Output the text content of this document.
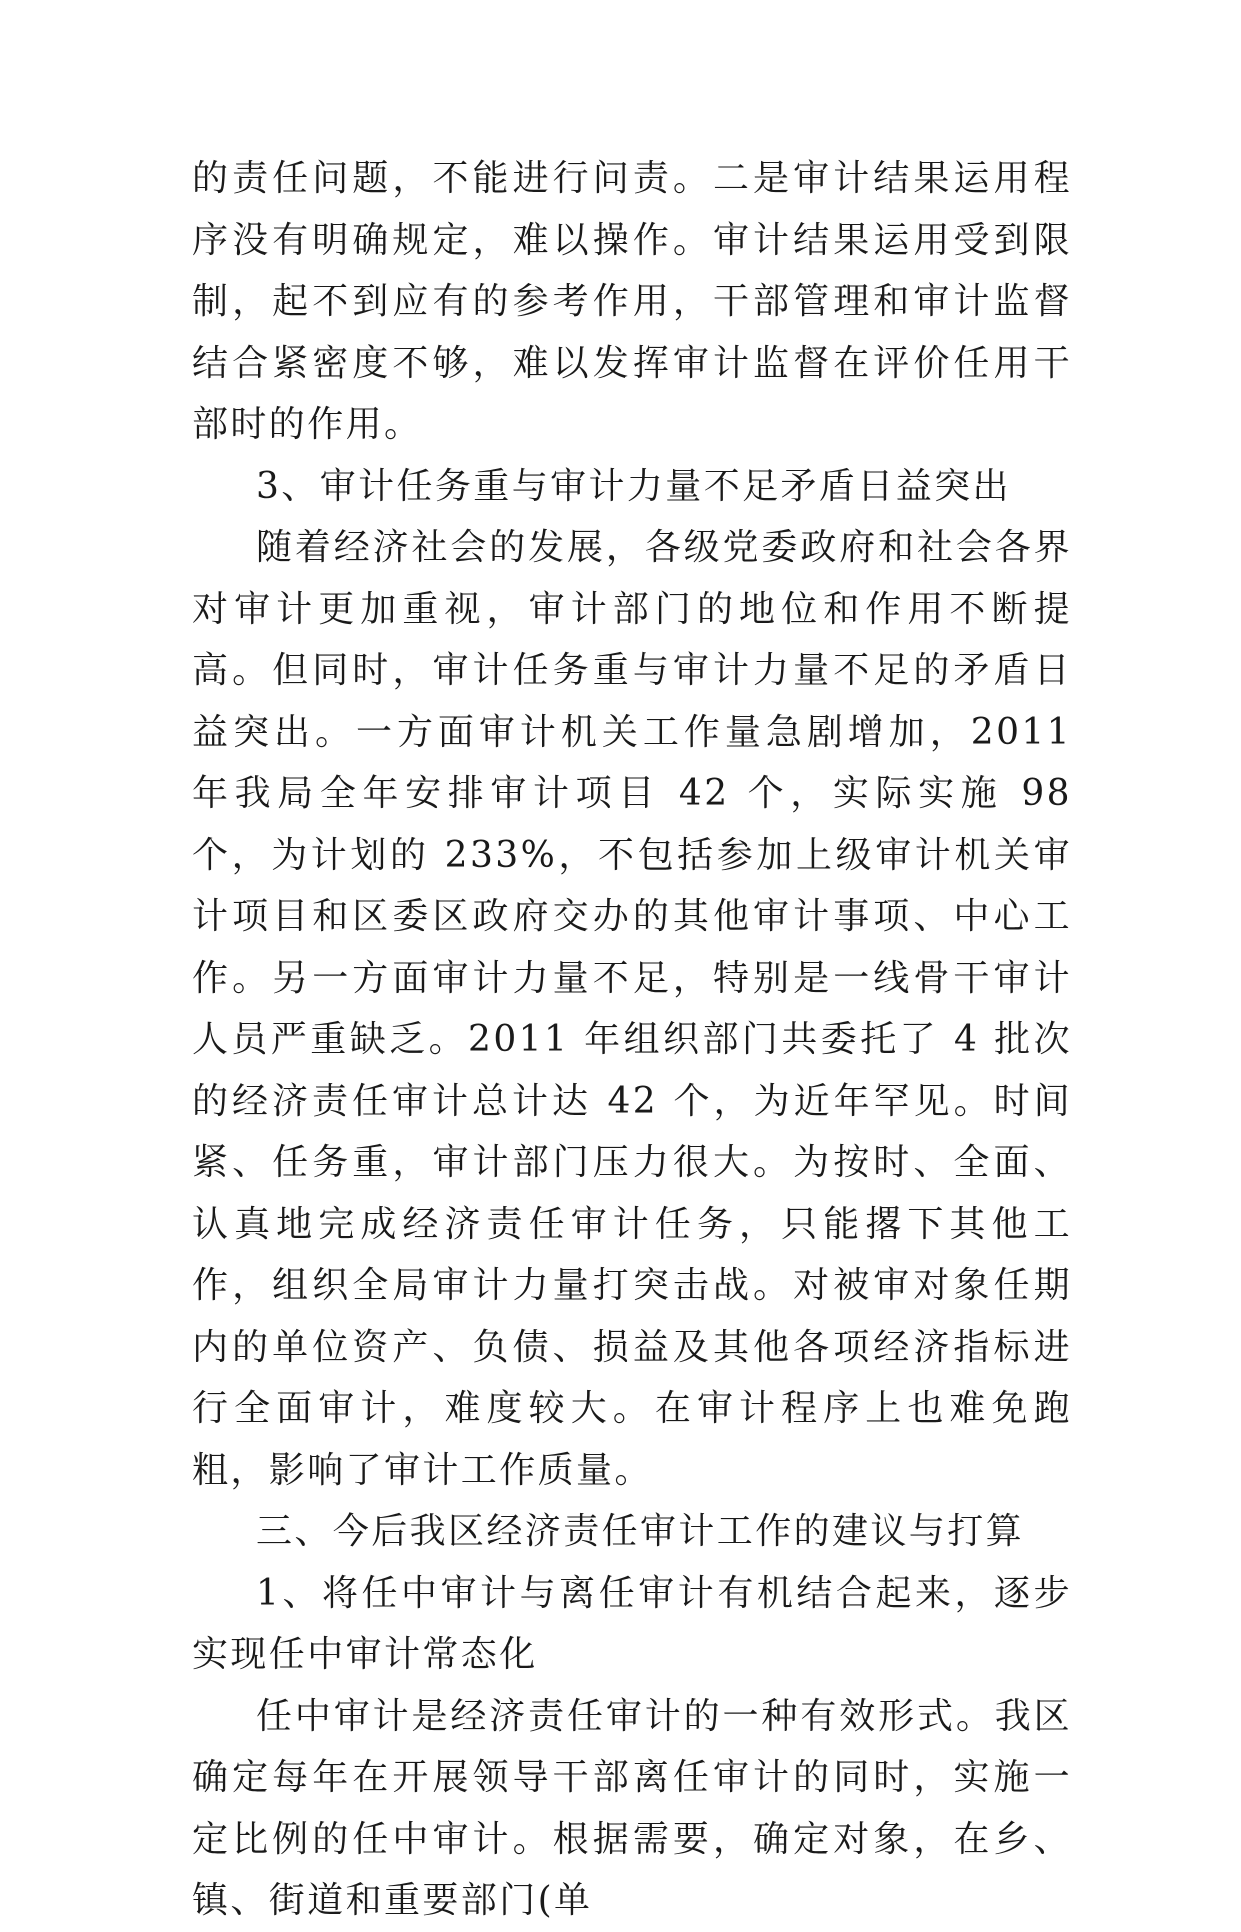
的责任问题，不能进行问责。二是审计结果运用程序没有明确规定，难以操作。审计结果运用受到限制，起不到应有的参考作用，干部管理和审计监督结合紧密度不够，难以发挥审计监督在评价任用干部时的作用。

3、审计任务重与审计力量不足矛盾日益突出

随着经济社会的发展，各级党委政府和社会各界对审计更加重视，审计部门的地位和作用不断提高。但同时，审计任务重与审计力量不足的矛盾日益突出。一方面审计机关工作量急剧增加，2011 年我局全年安排审计项目 42 个，实际实施 98 个，为计划的 233%，不包括参加上级审计机关审计项目和区委区政府交办的其他审计事项、中心工作。另一方面审计力量不足，特别是一线骨干审计人员严重缺乏。2011 年组织部门共委托了 4 批次的经济责任审计总计达 42 个，为近年罕见。时间紧、任务重，审计部门压力很大。为按时、全面、认真地完成经济责任审计任务，只能撂下其他工作，组织全局审计力量打突击战。对被审对象任期内的单位资产、负债、损益及其他各项经济指标进行全面审计，难度较大。在审计程序上也难免跑粗，影响了审计工作质量。

三、今后我区经济责任审计工作的建议与打算

1、将任中审计与离任审计有机结合起来，逐步实现任中审计常态化

任中审计是经济责任审计的一种有效形式。我区确定每年在开展领导干部离任审计的同时，实施一定比例的任中审计。根据需要，确定对象，在乡、镇、街道和重要部门(单
